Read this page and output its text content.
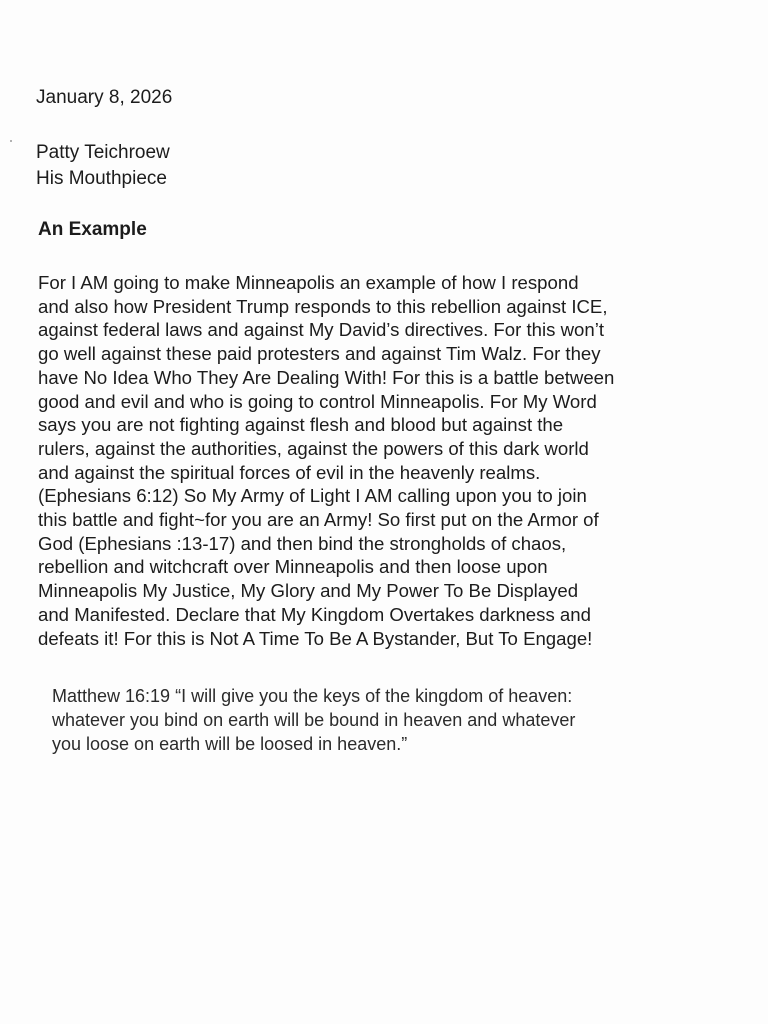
January 8, 2026
Patty Teichroew
His Mouthpiece
An Example
For I AM going to make Minneapolis an example of how I respond
and also how President Trump responds to this rebellion against ICE,
against federal laws and against My David’s directives. For this won’t
go well against these paid protesters and against Tim Walz. For they
have No Idea Who They Are Dealing With! For this is a battle between
good and evil and who is going to control Minneapolis. For My Word
says you are not fighting against flesh and blood but against the
rulers, against the authorities, against the powers of this dark world
and against the spiritual forces of evil in the heavenly realms.
(Ephesians 6:12) So My Army of Light I AM calling upon you to join
this battle and fight~for you are an Army! So first put on the Armor of
God (Ephesians :13-17) and then bind the strongholds of chaos,
rebellion and witchcraft over Minneapolis and then loose upon
Minneapolis My Justice, My Glory and My Power To Be Displayed
and Manifested. Declare that My Kingdom Overtakes darkness and
defeats it! For this is Not A Time To Be A Bystander, But To Engage!
Matthew 16:19 “I will give you the keys of the kingdom of heaven:
whatever you bind on earth will be bound in heaven and whatever
you loose on earth will be loosed in heaven.”
